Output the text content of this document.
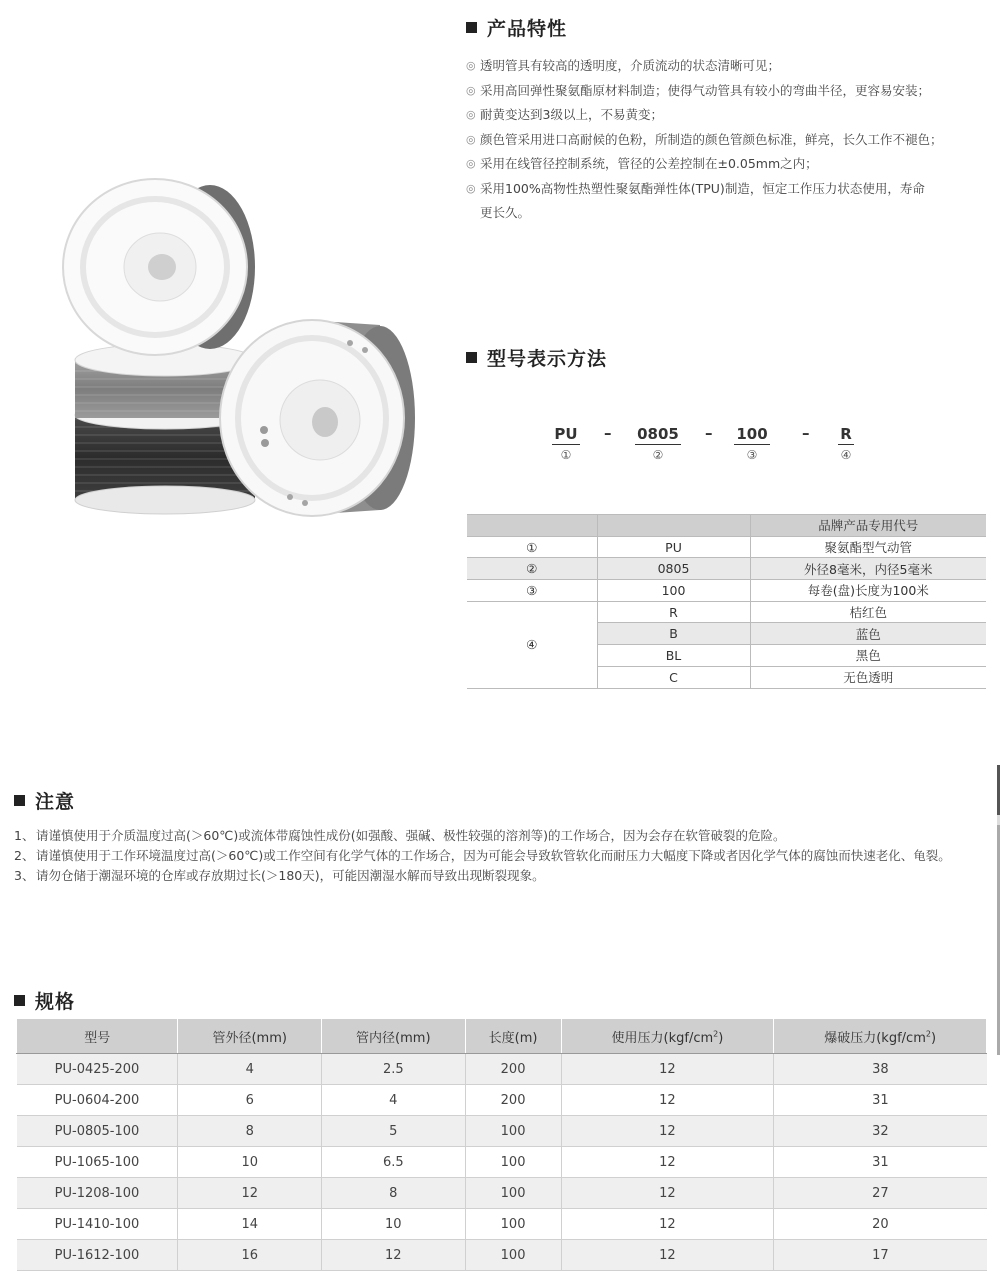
产品特性
◎ 透明管具有较高的透明度，介质流动的状态清晰可见；
◎ 采用高回弹性聚氨酯原材料制造；使得气动管具有较小的弯曲半径，更容易安装；
◎ 耐黄变达到3级以上，不易黄变；
◎ 颜色管采用进口高耐候的色粉，所制造的颜色管颜色标准，鲜亮，长久工作不褪色；
◎ 采用在线管径控制系统，管径的公差控制在±0.05mm之内；
◎ 采用100%高物性热塑性聚氨酯弹性体(TPU)制造，恒定工作压力状态使用，寿命
更长久。
型号表示方法
PU
①
–	0805
②
–	100
③
–	R
④
		品牌产品专用代号
①	PU	聚氨酯型气动管
②	0805	外径8毫米，内径5毫米
③	100	每卷(盘)长度为100米
④	R	桔红色
	B	蓝色
	BL	黑色
	C	无色透明
注意
1、 请谨慎使用于介质温度过高(＞60℃)或流体带腐蚀性成份(如强酸、强碱、极性较强的溶剂等)的工作场合，因为会存在软管破裂的危险。
2、 请谨慎使用于工作环境温度过高(＞60℃)或工作空间有化学气体的工作场合，因为可能会导致软管软化而耐压力大幅度下降或者因化学气体的腐蚀而快速老化、龟裂。
3、 请勿仓储于潮湿环境的仓库或存放期过长(＞180天)，可能因潮湿水解而导致出现断裂现象。
规格
型号	管外径(mm)	管内径(mm)	长度(m)	使用压力$(kgf/cm^2)$	爆破压力$(kgf/cm^2)$
PU-0425-200	4	2.5	200	12	38
PU-0604-200	6	4	200	12	31
PU-0805-100	8	5	100	12	32
PU-1065-100	10	6.5	100	12	31
PU-1208-100	12	8	100	12	27
PU-1410-100	14	10	100	12	20
PU-1612-100	16	12	100	12	17
